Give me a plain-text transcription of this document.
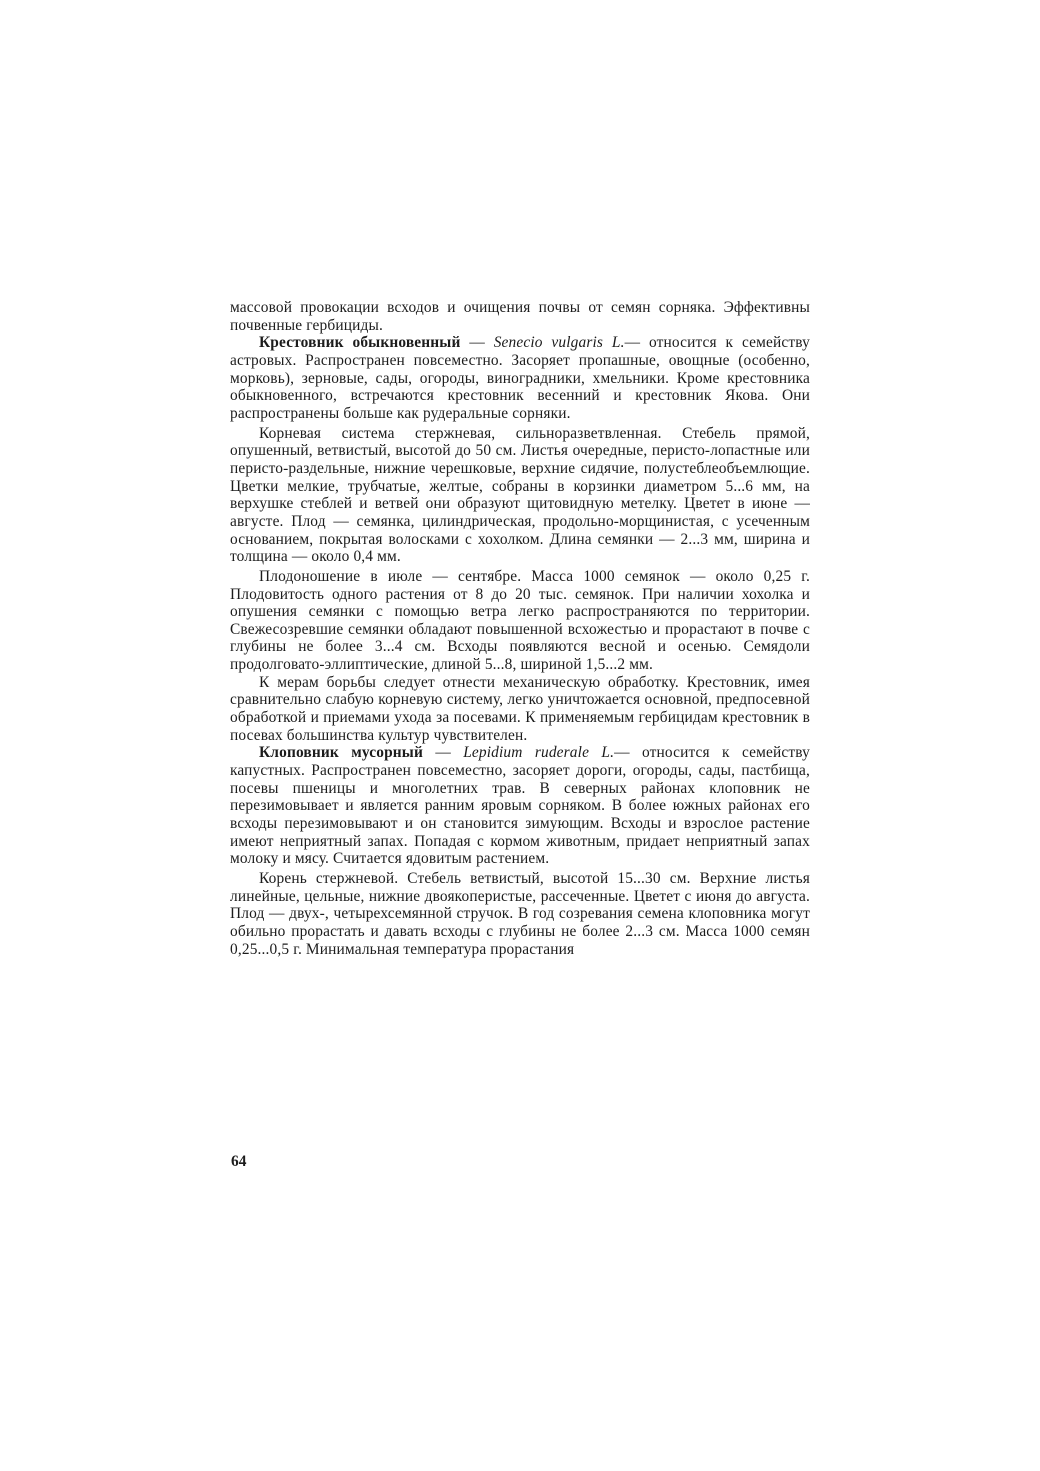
массовой провокации всходов и очищения почвы от семян сорняка. Эффективны почвенные гербициды.

Крестовник обыкновенный — Senecio vulgaris L.— относится к семейству астровых. Распространен повсеместно. Засоряет пропашные, овощные (особенно, морковь), зерновые, сады, огороды, виноградники, хмельники. Кроме крестовника обыкновенного, встречаются крестовник весенний и крестовник Якова. Они распространены больше как рудеральные сорняки.

Корневая система стержневая, сильноразветвленная. Стебель прямой, опушенный, ветвистый, высотой до 50 см. Листья очередные, перисто-лопастные или перисто-раздельные, нижние черешковые, верхние сидячие, полустеблеобъемлющие. Цветки мелкие, трубчатые, желтые, собраны в корзинки диаметром 5...6 мм, на верхушке стеблей и ветвей они образуют щитовидную метелку. Цветет в июне — августе. Плод — семянка, цилиндрическая, продольно-морщинистая, с усеченным основанием, покрытая волосками с хохолком. Длина семянки — 2...3 мм, ширина и толщина — около 0,4 мм.

Плодоношение в июле — сентябре. Масса 1000 семянок — около 0,25 г. Плодовитость одного растения от 8 до 20 тыс. семянок. При наличии хохолка и опушения семянки с помощью ветра легко распространяются по территории. Свежесозревшие семянки обладают повышенной всхожестью и прорастают в почве с глубины не более 3...4 см. Всходы появляются весной и осенью. Семядоли продолговато-эллиптические, длиной 5...8, шириной 1,5...2 мм.

К мерам борьбы следует отнести механическую обработку. Крестовник, имея сравнительно слабую корневую систему, легко уничтожается основной, предпосевной обработкой и приемами ухода за посевами. К применяемым гербицидам крестовник в посевах большинства культур чувствителен.

Клоповник мусорный — Lepidium ruderale L.— относится к семейству капустных. Распространен повсеместно, засоряет дороги, огороды, сады, пастбища, посевы пшеницы и многолетних трав. В северных районах клоповник не перезимовывает и является ранним яровым сорняком. В более южных районах его всходы перезимовывают и он становится зимующим. Всходы и взрослое растение имеют неприятный запах. Попадая с кормом животным, придает неприятный запах молоку и мясу. Считается ядовитым растением.

Корень стержневой. Стебель ветвистый, высотой 15...30 см. Верхние листья линейные, цельные, нижние двоякоперистые, рассеченные. Цветет с июня до августа. Плод — двух-, четырехсемянной стручок. В год созревания семена клоповника могут обильно прорастать и давать всходы с глубины не более 2...3 см. Масса 1000 семян 0,25...0,5 г. Минимальная температура прорастания

64
